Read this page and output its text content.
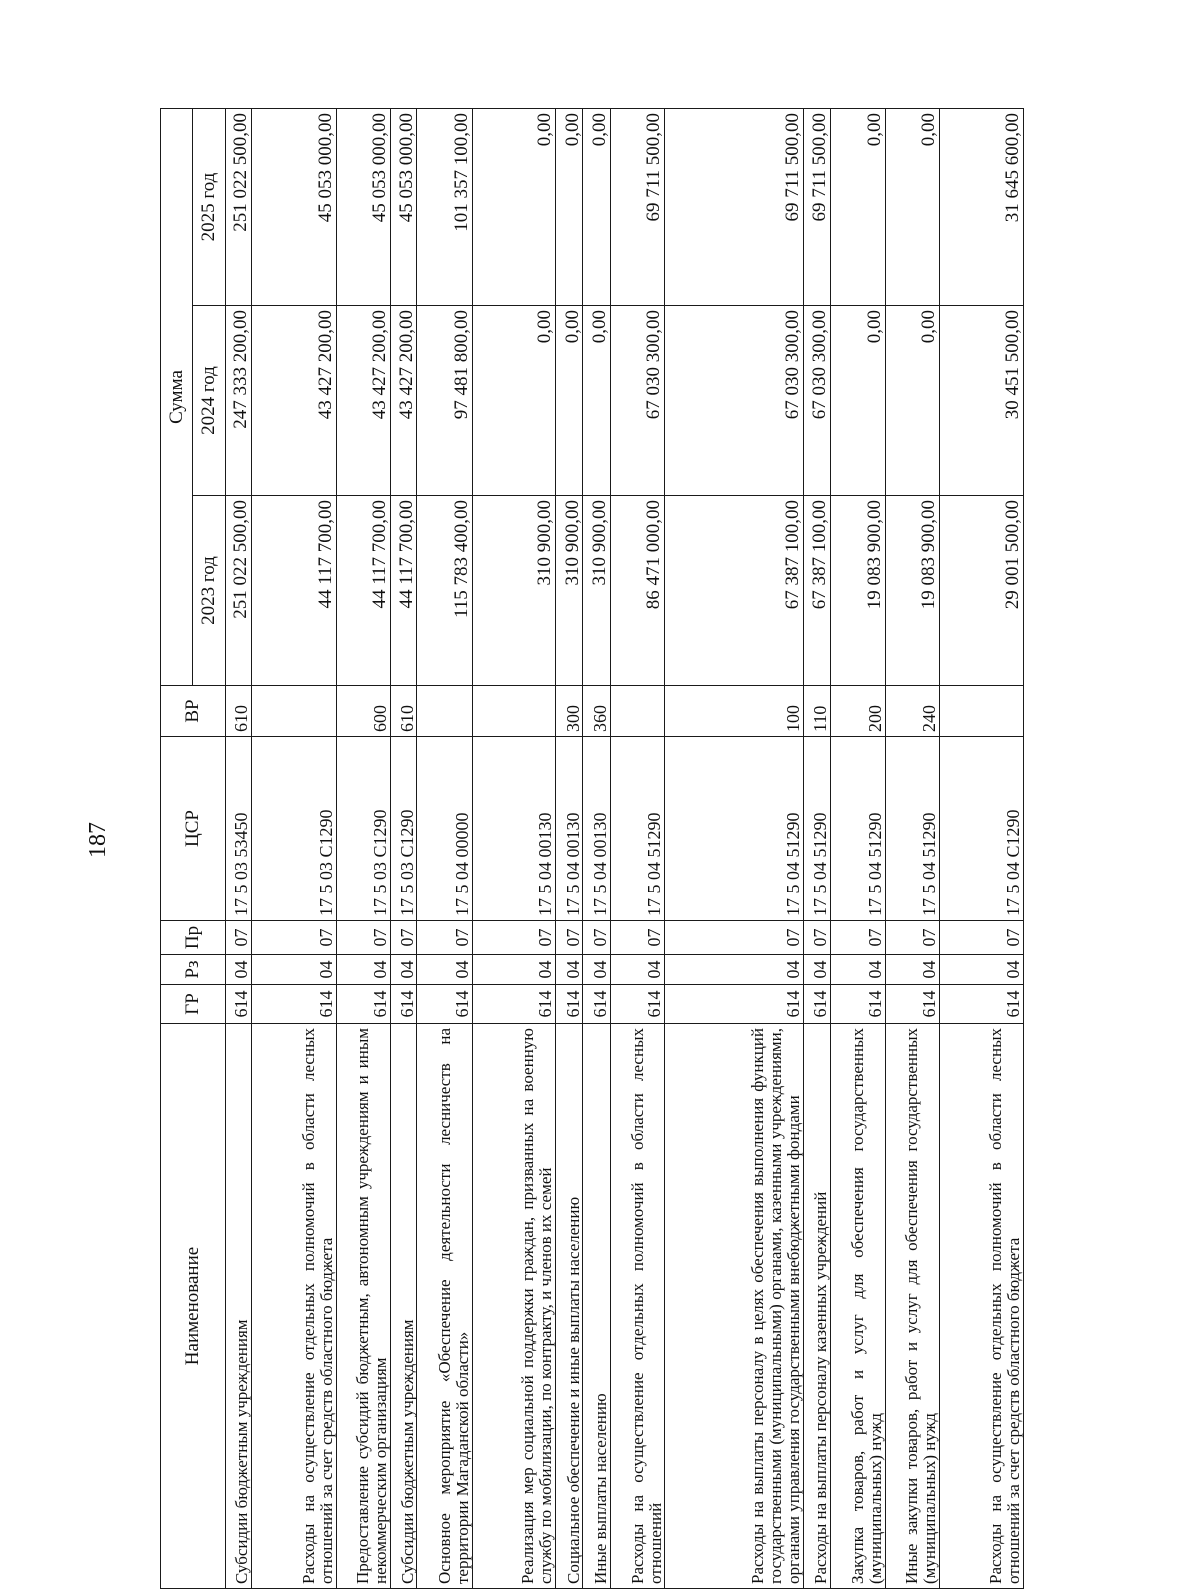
187
Наименование	ГР	Рз	Пр	ЦСР	ВР	Сумма		
						2023 год	2024 год	2025 год
Субсидии бюджетным учреждениям	614	04	07	17 5 03 53450	610	251 022 500,00	247 333 200,00	251 022 500,00
Расходы на осуществление отдельных полномочий в области лесных отношений за счет средств областного бюджета	614	04	07	17 5 03 С1290		44 117 700,00	43 427 200,00	45 053 000,00
Предоставление субсидий бюджетным, автономным учреждениям и иным некоммерческим организациям	614	04	07	17 5 03 С1290	600	44 117 700,00	43 427 200,00	45 053 000,00
Субсидии бюджетным учреждениям	614	04	07	17 5 03 С1290	610	44 117 700,00	43 427 200,00	45 053 000,00
Основное мероприятие «Обеспечение деятельности лесничеств на территории Магаданской области»	614	04	07	17 5 04 00000		115 783 400,00	97 481 800,00	101 357 100,00
Реализация мер социальной поддержки граждан, призванных на военную службу по мобилизации, по контракту, и членов их семей	614	04	07	17 5 04 00130		310 900,00	0,00	0,00
Социальное обеспечение и иные выплаты населению	614	04	07	17 5 04 00130	300	310 900,00	0,00	0,00
Иные выплаты населению	614	04	07	17 5 04 00130	360	310 900,00	0,00	0,00
Расходы на осуществление отдельных полномочий в области лесных отношений	614	04	07	17 5 04 51290		86 471 000,00	67 030 300,00	69 711 500,00
Расходы на выплаты персоналу в целях обеспечения выполнения функций государственными (муниципальными) органами, казенными учреждениями, органами управления государственными внебюджетными фондами	614	04	07	17 5 04 51290	100	67 387 100,00	67 030 300,00	69 711 500,00
Расходы на выплаты персоналу казенных учреждений	614	04	07	17 5 04 51290	110	67 387 100,00	67 030 300,00	69 711 500,00
Закупка товаров, работ и услуг для обеспечения государственных (муниципальных) нужд	614	04	07	17 5 04 51290	200	19 083 900,00	0,00	0,00
Иные закупки товаров, работ и услуг для обеспечения государственных (муниципальных) нужд	614	04	07	17 5 04 51290	240	19 083 900,00	0,00	0,00
Расходы на осуществление отдельных полномочий в области лесных отношений за счет средств областного бюджета	614	04	07	17 5 04 С1290		29 001 500,00	30 451 500,00	31 645 600,00
